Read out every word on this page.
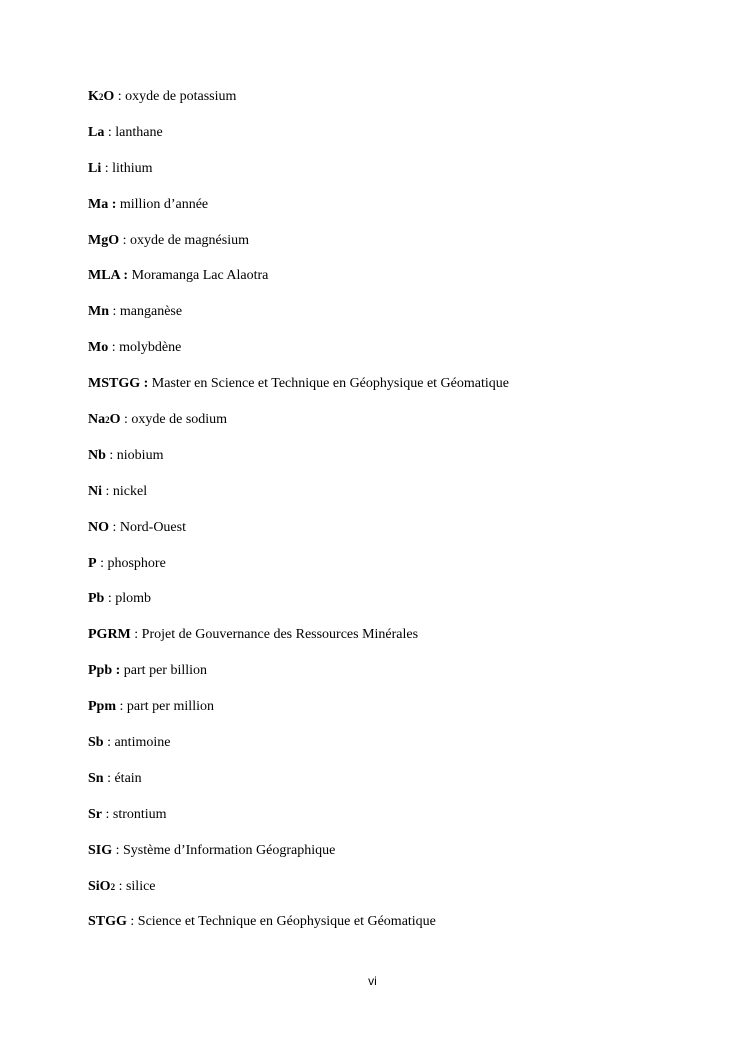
K2O : oxyde de potassium
La : lanthane
Li : lithium
Ma : million d’année
MgO : oxyde de magnésium
MLA : Moramanga Lac Alaotra
Mn : manganèse
Mo : molybdène
MSTGG : Master en Science et Technique en Géophysique et Géomatique
Na2O : oxyde de sodium
Nb : niobium
Ni : nickel
NO : Nord-Ouest
P : phosphore
Pb : plomb
PGRM : Projet de Gouvernance des Ressources Minérales
Ppb : part per billion
Ppm : part per million
Sb : antimoine
Sn : étain
Sr : strontium
SIG : Système d’Information Géographique
SiO2 : silice
STGG : Science et Technique en Géophysique et Géomatique
vi
